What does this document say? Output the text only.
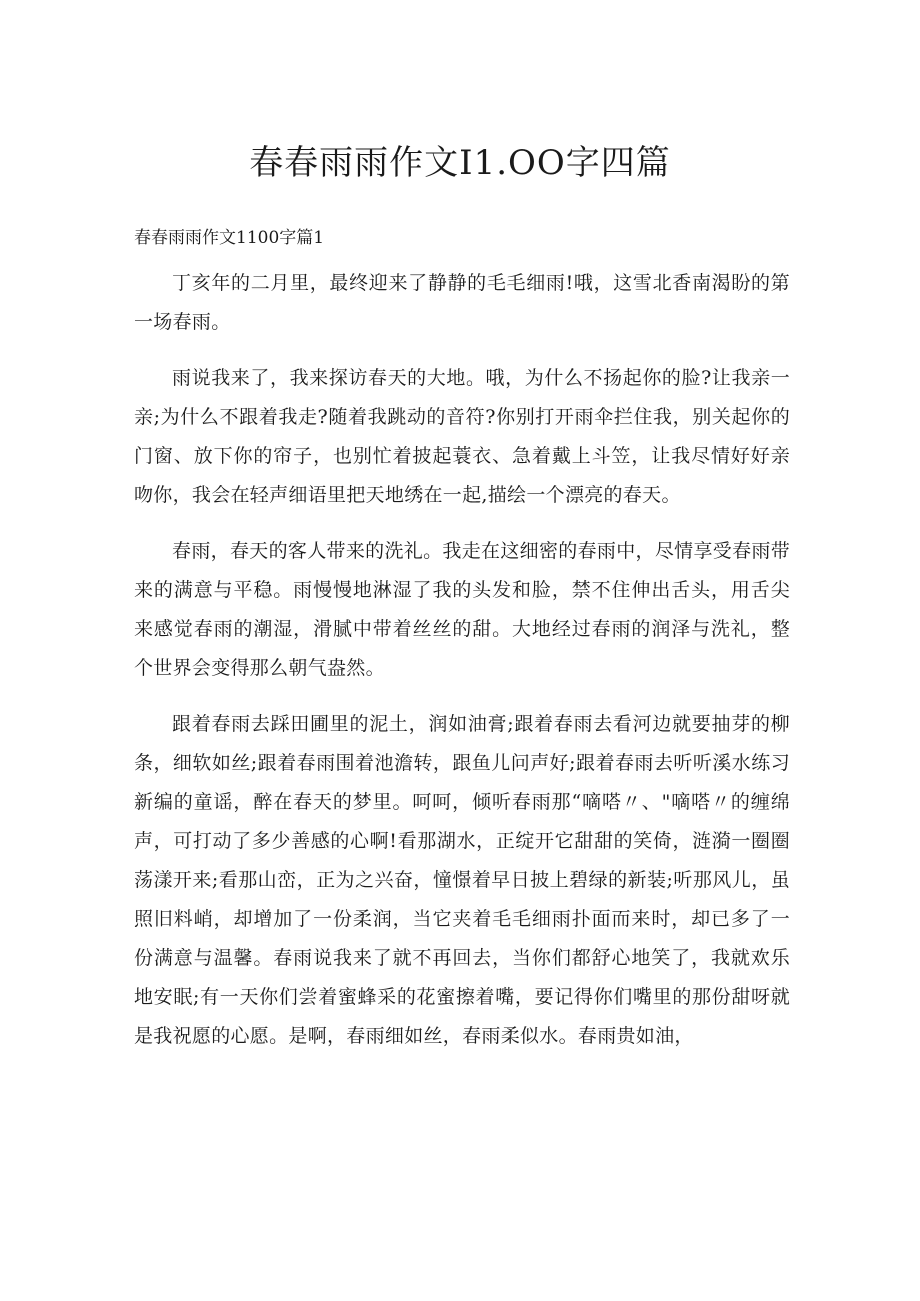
春春雨雨作文I1.OO字四篇
春春雨雨作文1100字篇1

丁亥年的二月里，最终迎来了静静的毛毛细雨!哦，这雪北香南渴盼的第一场春雨。

雨说我来了，我来探访春天的大地。哦，为什么不扬起你的脸?让我亲一亲;为什么不跟着我走?随着我跳动的音符?你别打开雨伞拦住我，别关起你的门窗、放下你的帘子，也别忙着披起蓑衣、急着戴上斗笠，让我尽情好好亲吻你，我会在轻声细语里把天地绣在一起,描绘一个漂亮的春天。

春雨，春天的客人带来的洗礼。我走在这细密的春雨中，尽情享受春雨带来的满意与平稳。雨慢慢地淋湿了我的头发和脸，禁不住伸出舌头，用舌尖来感觉春雨的潮湿，滑腻中带着丝丝的甜。大地经过春雨的润泽与洗礼，整个世界会变得那么朝气盎然。

跟着春雨去踩田圃里的泥土，润如油膏;跟着春雨去看河边就要抽芽的柳条，细软如丝;跟着春雨围着池澹转，跟鱼儿问声好;跟着春雨去听听溪水练习新编的童谣，醉在春天的梦里。呵呵，倾听春雨那“嘀嗒〃、"嘀嗒〃的缠绵声，可打动了多少善感的心啊!看那湖水，正绽开它甜甜的笑倚，涟漪一圈圈荡漾开来;看那山峦，正为之兴奋，憧憬着早日披上碧绿的新装;听那风儿，虽照旧料峭，却增加了一份柔润，当它夹着毛毛细雨扑面而来时，却已多了一份满意与温馨。春雨说我来了就不再回去，当你们都舒心地笑了，我就欢乐地安眠;有一天你们尝着蜜蜂采的花蜜擦着嘴，要记得你们嘴里的那份甜呀就是我祝愿的心愿。是啊，春雨细如丝，春雨柔似水。春雨贵如油，
